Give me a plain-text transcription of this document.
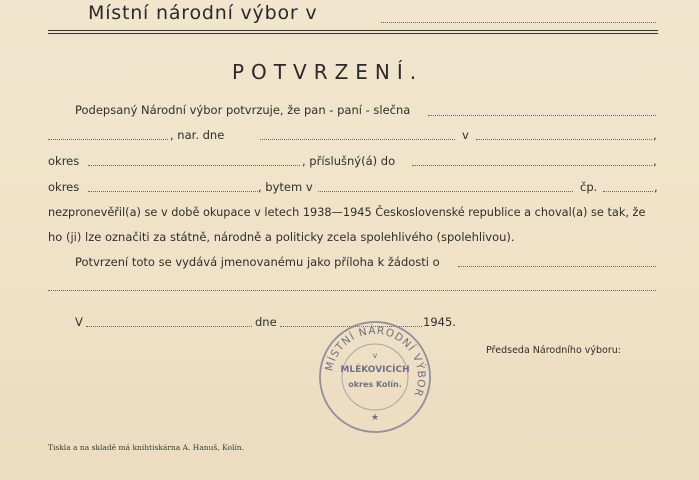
Místní národní výbor v
POTVRZENÍ.
Podepsaný Národní výbor potvrzuje, že pan - paní - slečna
, nar. dne	v	,
okres	, příslušný(á) do	,
okres	, bytem v	čp.	,
nezpronevěřil(a) se v době okupace v letech 1938—1945 Československé republice a choval(a) se tak, že
ho (ji) lze označiti za státně, národně a politicky zcela spolehlivého (spolehlivou).
Potvrzení toto se vydává jmenovanému jako příloha k žádosti o
V	dne	1945.
Předseda Národního výboru:
MÍSTNÍ NÁRODNÍ VÝBOR
v
MLÉKOVICÍCH
okres Kolín.
★
Tiskla a na skladě má knihtiskárna A. Hanuš, Kolín.
